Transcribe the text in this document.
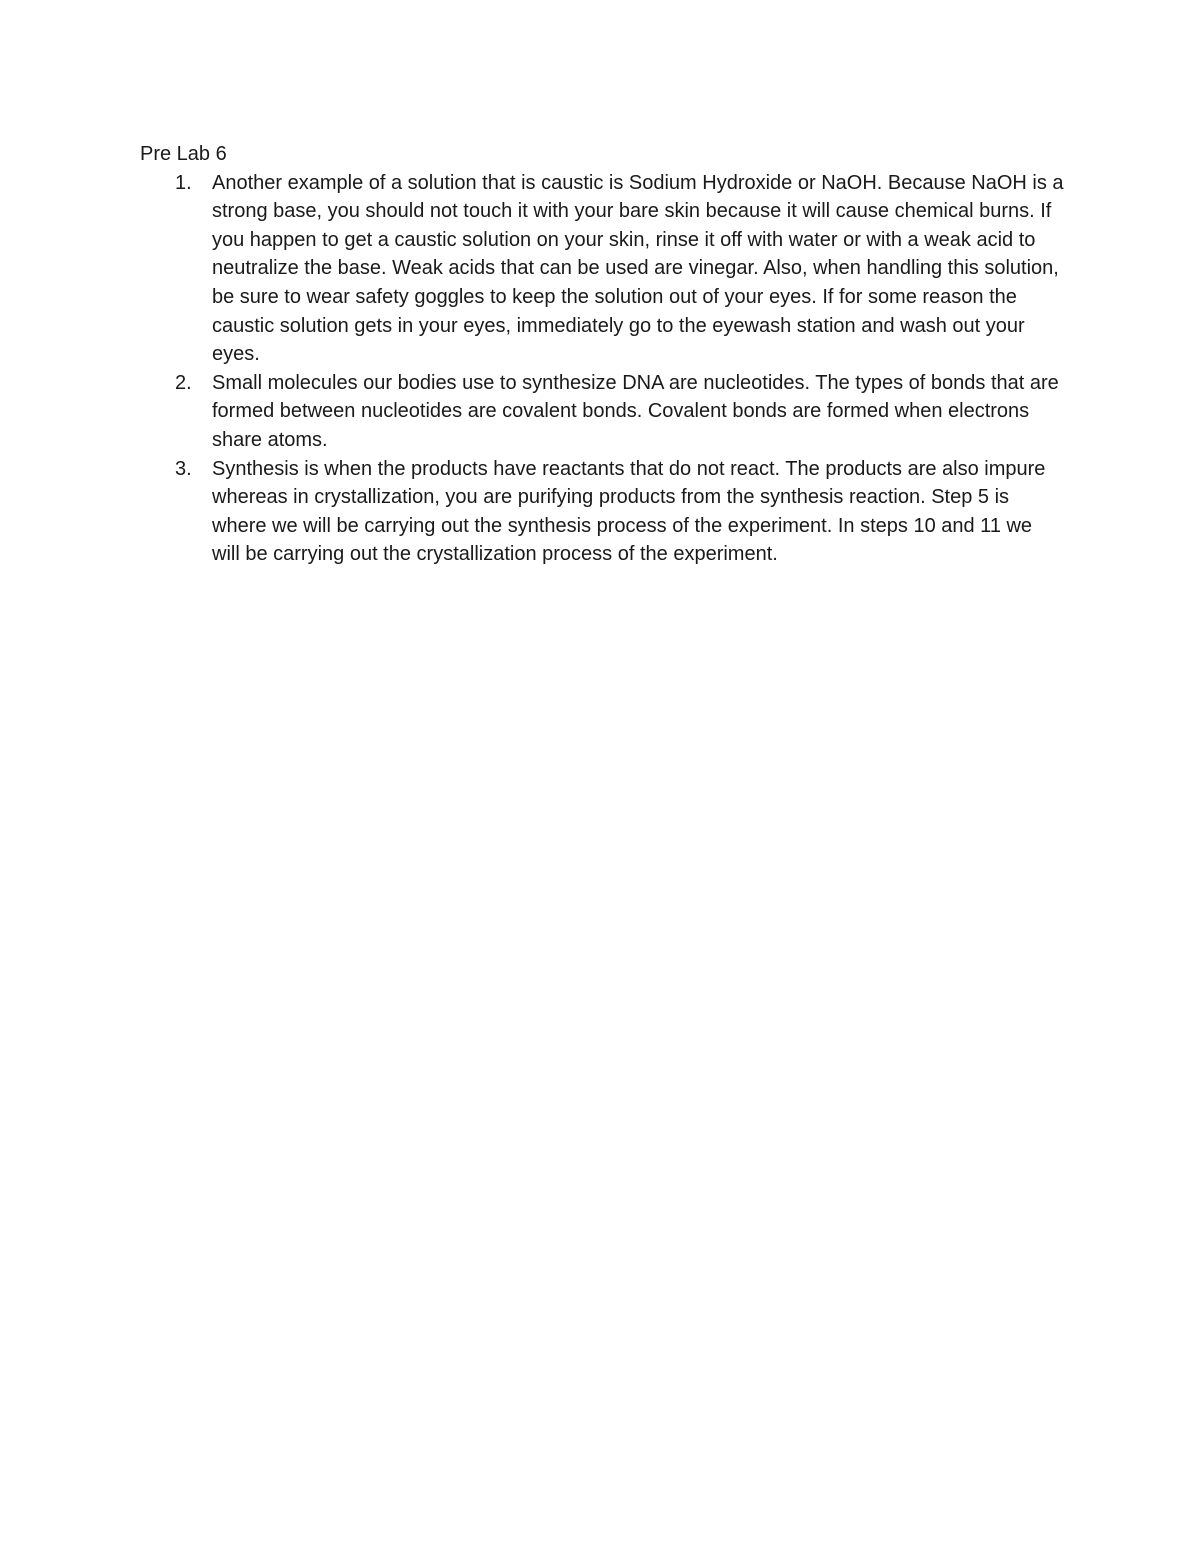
Pre Lab 6
1. Another example of a solution that is caustic is Sodium Hydroxide or NaOH. Because NaOH is a strong base, you should not touch it with your bare skin because it will cause chemical burns. If you happen to get a caustic solution on your skin, rinse it off with water or with a weak acid to neutralize the base. Weak acids that can be used are vinegar. Also, when handling this solution, be sure to wear safety goggles to keep the solution out of your eyes. If for some reason the caustic solution gets in your eyes, immediately go to the eyewash station and wash out your eyes.
2. Small molecules our bodies use to synthesize DNA are nucleotides. The types of bonds that are formed between nucleotides are covalent bonds. Covalent bonds are formed when electrons share atoms.
3. Synthesis is when the products have reactants that do not react. The products are also impure whereas in crystallization, you are purifying products from the synthesis reaction. Step 5 is where we will be carrying out the synthesis process of the experiment. In steps 10 and 11 we will be carrying out the crystallization process of the experiment.
